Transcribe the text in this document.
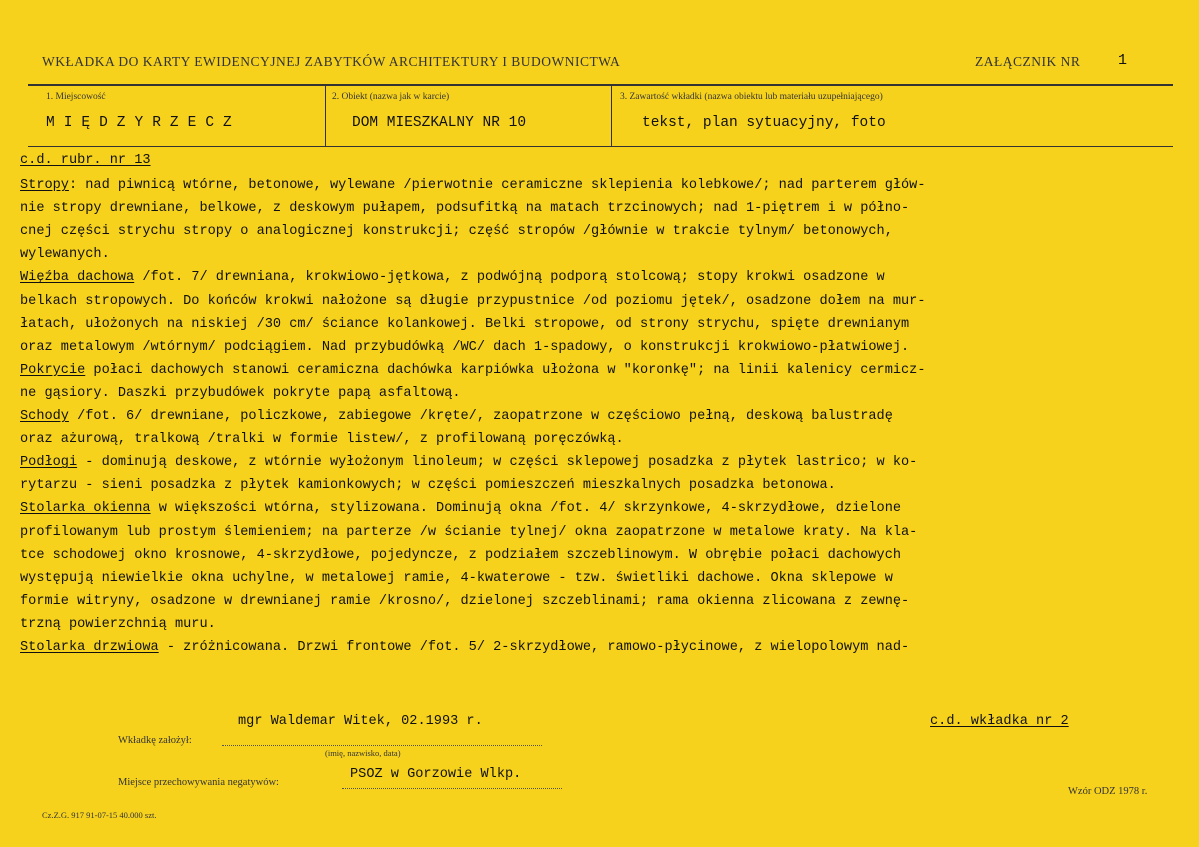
WKŁADKA DO KARTY EWIDENCYJNEJ ZABYTKÓW ARCHITEKTURY I BUDOWNICTWA	ZAŁĄCZNIK NR	1
1. Miejscowość
MIĘDZYRZECZ
2. Obiekt (nazwa jak w karcie)
DOM MIESZKALNY NR 10
3. Zawartość wkładki (nazwa obiektu lub materiału uzupełniającego)
tekst, plan sytuacyjny, foto
c.d. rubr. nr 13
Stropy: nad piwnicą wtórne, betonowe, wylewane /pierwotnie ceramiczne sklepienia kolebkowe/; nad parterem głów-
nie stropy drewniane, belkowe, z deskowym pułapem, podsufitką na matach trzcinowych; nad 1-piętrem i w półno-
cnej części strychu stropy o analogicznej konstrukcji; część stropów /głównie w trakcie tylnym/ betonowych,
wylewanych.
Więźba dachowa /fot. 7/ drewniana, krokwiowo-jętkowa, z podwójną podporą stolcową; stopy krokwi osadzone w
belkach stropowych. Do końców krokwi nałożone są długie przypustnice /od poziomu jętek/, osadzone dołem na mur-
łatach, ułożonych na niskiej /30 cm/ ściance kolankowej. Belki stropowe, od strony strychu, spięte drewnianym
oraz metalowym /wtórnym/ podciągiem. Nad przybudówką /WC/ dach 1-spadowy, o konstrukcji krokwiowo-płatwiowej.
Pokrycie połaci dachowych stanowi ceramiczna dachówka karpiówka ułożona w "koronkę"; na linii kalenicy cermicz-
ne gąsiory. Daszki przybudówek pokryte papą asfaltową.
Schody /fot. 6/ drewniane, policzkowe, zabiegowe /kręte/, zaopatrzone w częściowo pełną, deskową balustradę
oraz ażurową, tralkową /tralki w formie listew/, z profilowaną poręczówką.
Podłogi - dominują deskowe, z wtórnie wyłożonym linoleum; w części sklepowej posadzka z płytek lastrico; w ko-
rytarzu - sieni posadzka z płytek kamionkowych; w części pomieszczeń mieszkalnych posadzka betonowa.
Stolarka okienna w większości wtórna, stylizowana. Dominują okna /fot. 4/ skrzynkowe, 4-skrzydłowe, dzielone
profilowanym lub prostym ślemieniem; na parterze /w ścianie tylnej/ okna zaopatrzone w metalowe kraty. Na kla-
tce schodowej okno krosnowe, 4-skrzydłowe, pojedyncze, z podziałem szczeblinowym. W obrębie połaci dachowych
występują niewielkie okna uchylne, w metalowej ramie, 4-kwaterowe - tzw. świetliki dachowe. Okna sklepowe w
formie witryny, osadzone w drewnianej ramie /krosno/, dzielonej szczeblinami; rama okienna zlicowana z zewnę-
trzną powierzchnią muru.
Stolarka drzwiowa - zróżnicowana. Drzwi frontowe /fot. 5/ 2-skrzydłowe, ramowo-płycinowe, z wielopolowym nad-
mgr Waldemar Witek, 02.1993 r.	c.d. wkładka nr 2
Wkładkę założył:
(imię, nazwisko, data)
Miejsce przechowywania negatywów:
PSOZ w Gorzowie Wlkp.
Wzór ODZ 1978 r.
Cz.Z.G. 917 91-07-15 40.000 szt.
